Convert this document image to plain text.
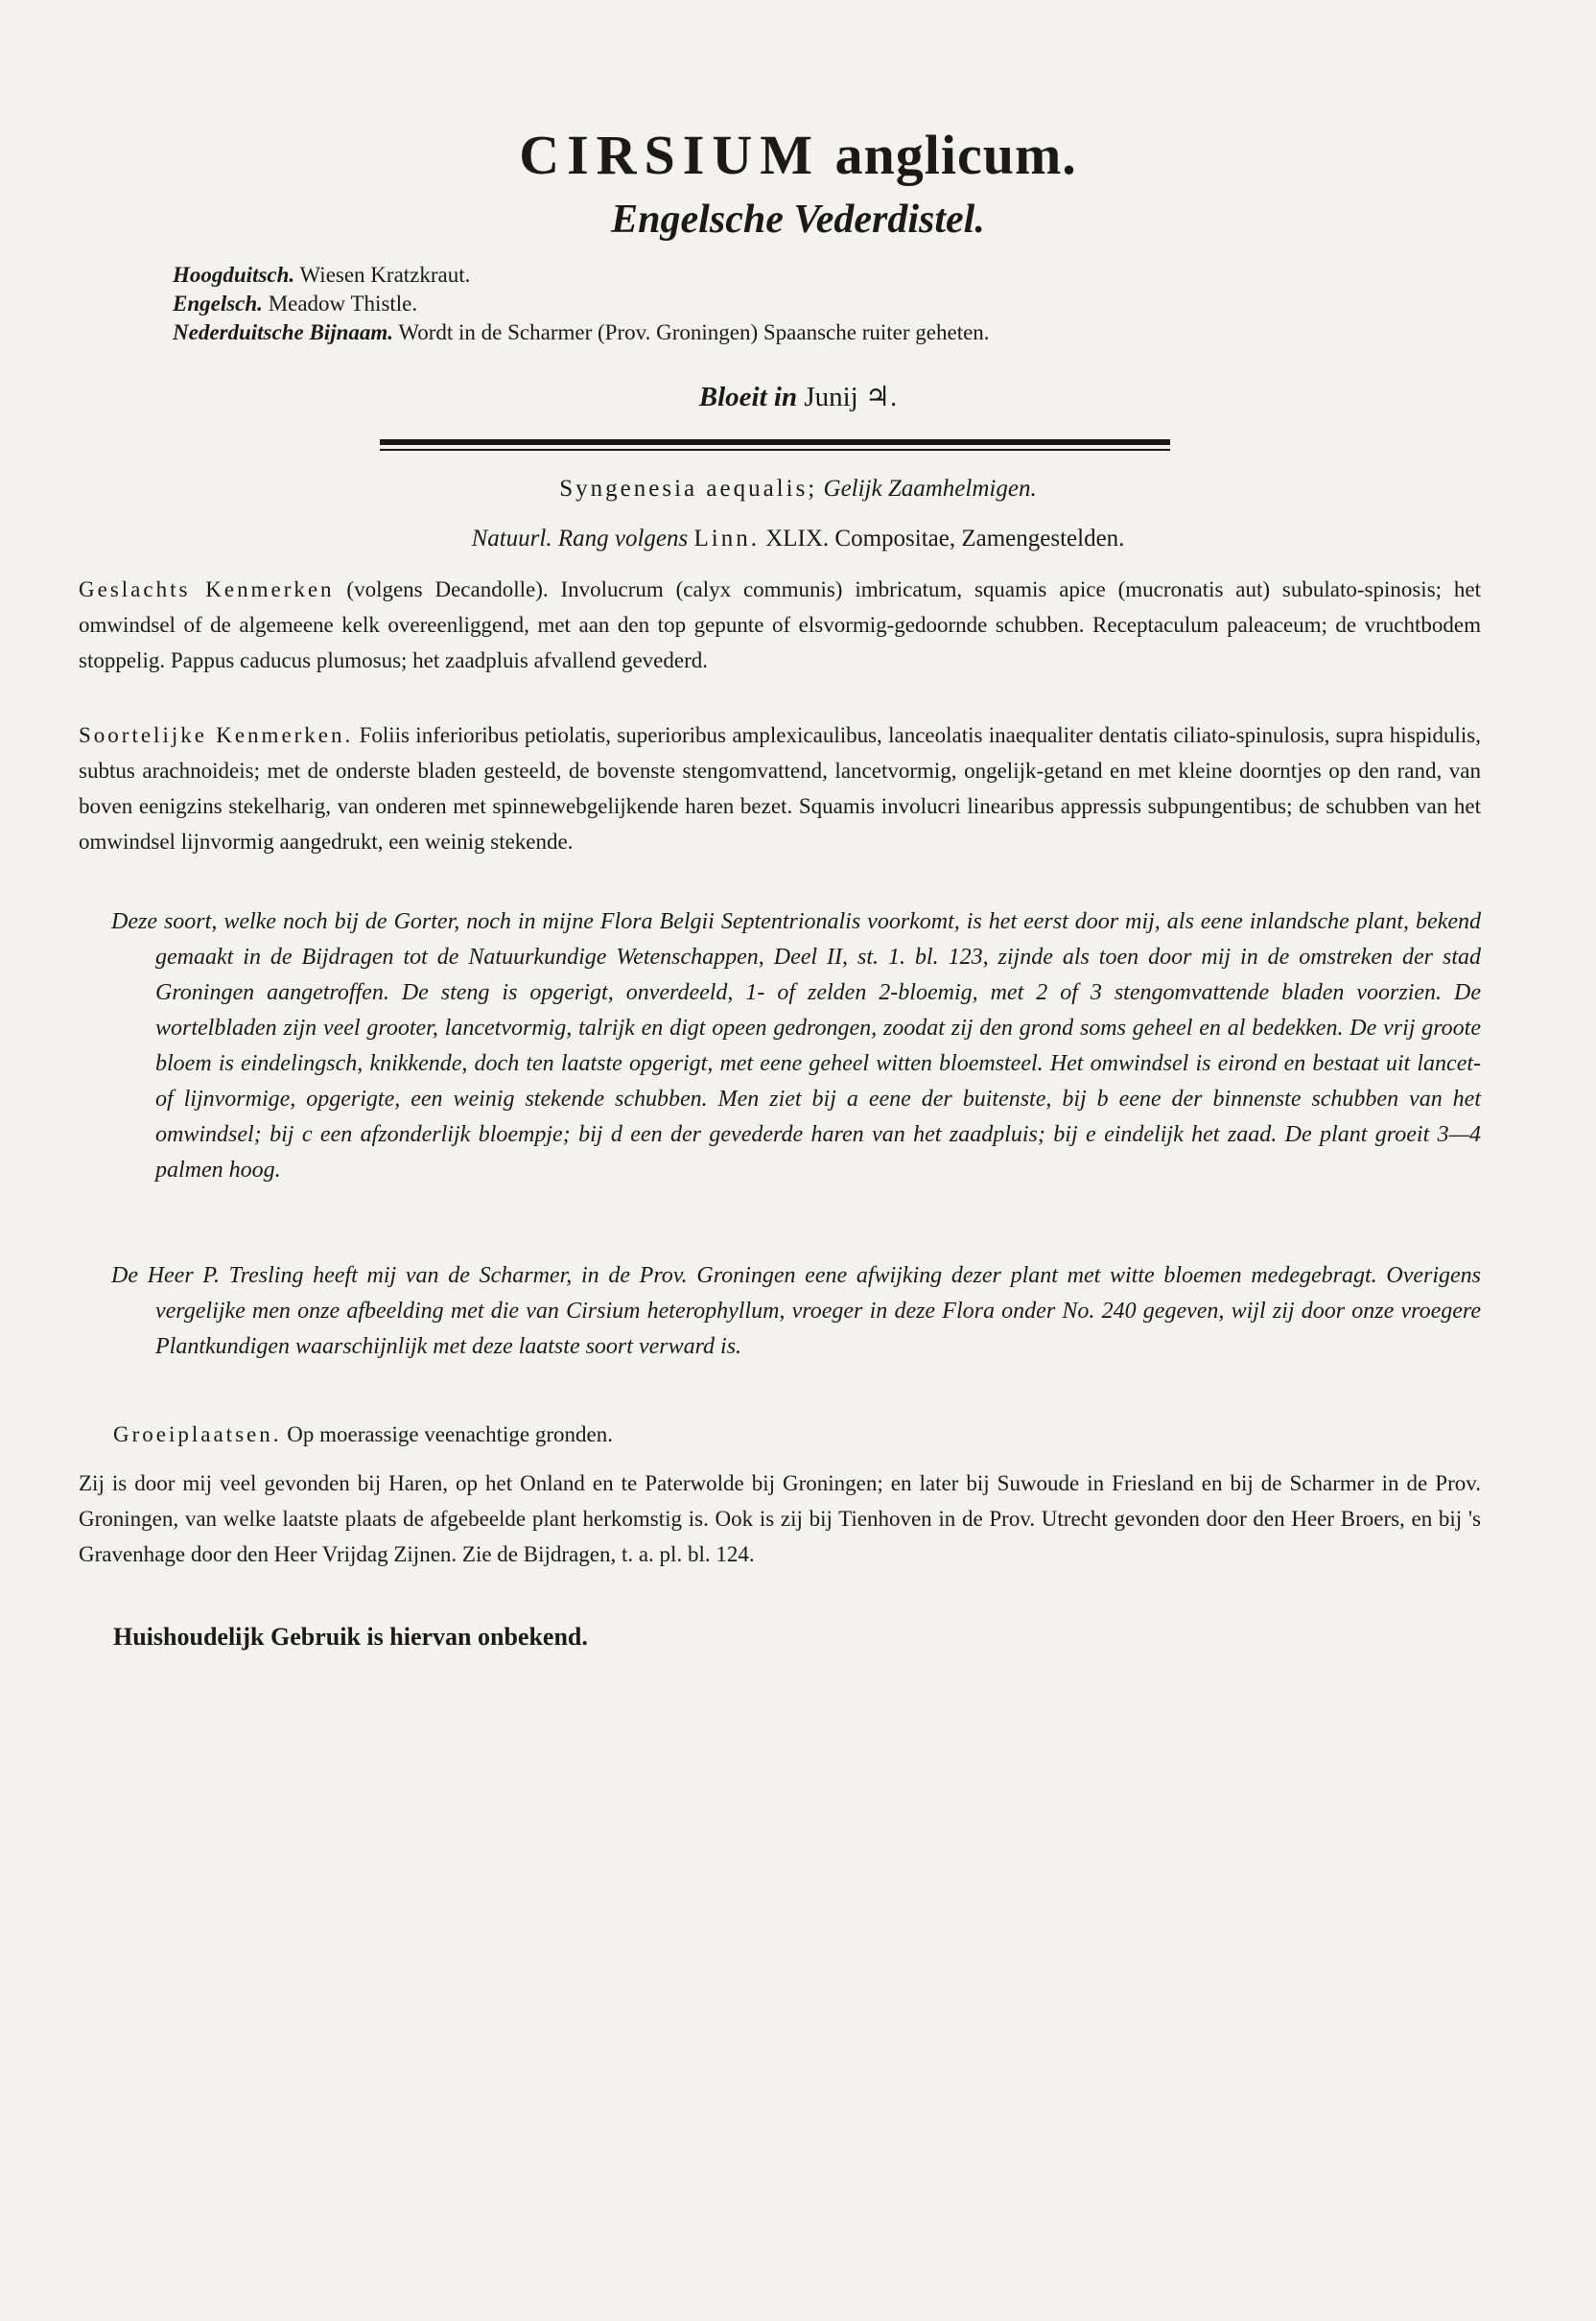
CIRSIUM anglicum.
Engelsche Vederdistel.
Hoogduitsch. Wiesen Kratzkraut.
Engelsch. Meadow Thistle.
Nederduitsche Bijnaam. Wordt in de Scharmer (Prov. Groningen) Spaansche ruiter geheten.
Bloeit in Junij ♃.
Syngenesia aequalis; Gelijk Zaamhelmigen.
Natuurl. Rang volgens Linn. XLIX. Compositae, Zamengestelden.
Geslachts Kenmerken (volgens Decandolle). Involucrum (calyx communis) imbricatum, squamis apice (mucronatis aut) subulato-spinosis; het omwindsel of de algemeene kelk overeenliggend, met aan den top gepunte of elsvormig-gedoornde schubben. Receptaculum paleaceum; de vruchtbodem stoppelig. Pappus caducus plumosus; het zaadpluis afvallend gevederd.
Soortelijke Kenmerken. Foliis inferioribus petiolatis, superioribus amplexicaulibus, lanceolatis inaequaliter dentatis ciliato-spinulosis, supra hispidulis, subtus arachnoideis; met de onderste bladen gesteeld, de bovenste stengomvattend, lancetvormig, ongelijk-getand en met kleine doorntjes op den rand, van boven eenigzins stekelharig, van onderen met spinnewebgelijkende haren bezet. Squamis involucri linearibus appressis subpungentibus; de schubben van het omwindsel lijnvormig aangedrukt, een weinig stekende.
Deze soort, welke noch bij de Gorter, noch in mijne Flora Belgii Septentrionalis voorkomt, is het eerst door mij, als eene inlandsche plant, bekend gemaakt in de Bijdragen tot de Natuurkundige Wetenschappen, Deel II, st. 1. bl. 123, zijnde als toen door mij in de omstreken der stad Groningen aangetroffen. De steng is opgerigt, onverdeeld, 1- of zelden 2-bloemig, met 2 of 3 stengomvattende bladen voorzien. De wortelbladen zijn veel grooter, lancetvormig, talrijk en digt opeen gedrongen, zoodat zij den grond soms geheel en al bedekken. De vrij groote bloem is eindelingsch, knikkende, doch ten laatste opgerigt, met eene geheel witten bloemsteel. Het omwindsel is eirond en bestaat uit lancet- of lijnvormige, opgerigte, een weinig stekende schubben. Men ziet bij a eene der buitenste, bij b eene der binnenste schubben van het omwindsel; bij c een afzonderlijk bloempje; bij d een der gevederde haren van het zaadpluis; bij e eindelijk het zaad. De plant groeit 3—4 palmen hoog.
De Heer P. Tresling heeft mij van de Scharmer, in de Prov. Groningen eene afwijking dezer plant met witte bloemen medegebragt. Overigens vergelijke men onze afbeelding met die van Cirsium heterophyllum, vroeger in deze Flora onder No. 240 gegeven, wijl zij door onze vroegere Plantkundigen waarschijnlijk met deze laatste soort verward is.
Groeiplaatsen. Op moerassige veenachtige gronden.
Zij is door mij veel gevonden bij Haren, op het Onland en te Paterwolde bij Groningen; en later bij Suwoude in Friesland en bij de Scharmer in de Prov. Groningen, van welke laatste plaats de afgebeelde plant herkomstig is. Ook is zij bij Tienhoven in de Prov. Utrecht gevonden door den Heer Broers, en bij 's Gravenhage door den Heer Vrijdag Zijnen. Zie de Bijdragen, t. a. pl. bl. 124.
Huishoudelijk Gebruik is hiervan onbekend.
